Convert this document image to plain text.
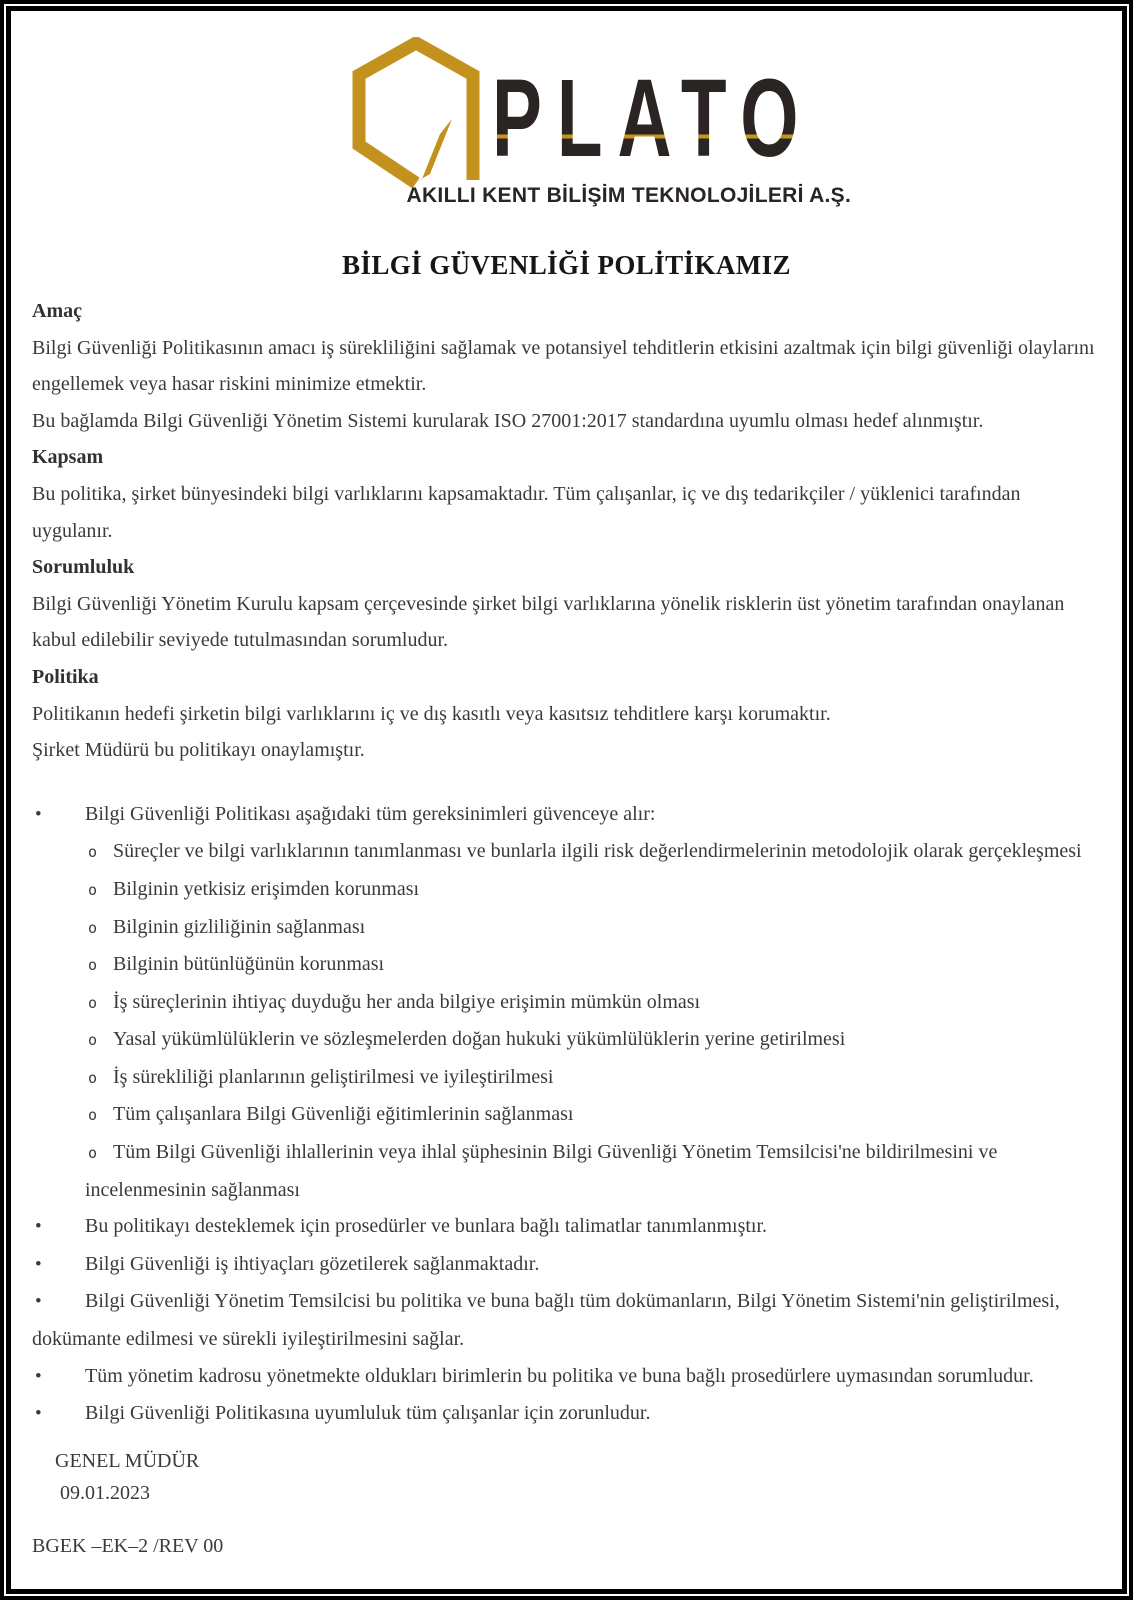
PLATO
AKILLI KENT BİLİŞİM TEKNOLOJİLERİ A.Ş.
BİLGİ GÜVENLİĞİ POLİTİKAMIZ
Amaç

Bilgi Güvenliği Politikasının amacı iş sürekliliğini sağlamak ve potansiyel tehditlerin etkisini azaltmak için bilgi güvenliği olaylarını engellemek veya hasar riskini minimize etmektir.

Bu bağlamda Bilgi Güvenliği Yönetim Sistemi kurularak ISO 27001:2017 standardına uyumlu olması hedef alınmıştır.

Kapsam

Bu politika, şirket bünyesindeki bilgi varlıklarını kapsamaktadır. Tüm çalışanlar, iç ve dış tedarikçiler / yüklenici tarafından uygulanır.

Sorumluluk

Bilgi Güvenliği Yönetim Kurulu kapsam çerçevesinde şirket bilgi varlıklarına yönelik risklerin üst yönetim tarafından onaylanan kabul edilebilir seviyede tutulmasından sorumludur.

Politika

Politikanın hedefi şirketin bilgi varlıklarını iç ve dış kasıtlı veya kasıtsız tehditlere karşı korumaktır.

Şirket Müdürü bu politikayı onaylamıştır.

• Bilgi Güvenliği Politikası aşağıdaki tüm gereksinimleri güvenceye alır:
o Süreçler ve bilgi varlıklarının tanımlanması ve bunlarla ilgili risk değerlendirmelerinin metodolojik olarak gerçekleşmesi
o Bilginin yetkisiz erişimden korunması
o Bilginin gizliliğinin sağlanması
o Bilginin bütünlüğünün korunması
o İş süreçlerinin ihtiyaç duyduğu her anda bilgiye erişimin mümkün olması
o Yasal yükümlülüklerin ve sözleşmelerden doğan hukuki yükümlülüklerin yerine getirilmesi
o İş sürekliliği planlarının geliştirilmesi ve iyileştirilmesi
o Tüm çalışanlara Bilgi Güvenliği eğitimlerinin sağlanması
o Tüm Bilgi Güvenliği ihlallerinin veya ihlal şüphesinin Bilgi Güvenliği Yönetim Temsilcisi'ne bildirilmesini ve incelenmesinin sağlanması
• Bu politikayı desteklemek için prosedürler ve bunlara bağlı talimatlar tanımlanmıştır.
• Bilgi Güvenliği iş ihtiyaçları gözetilerek sağlanmaktadır.
• Bilgi Güvenliği Yönetim Temsilcisi bu politika ve buna bağlı tüm dokümanların, Bilgi Yönetim Sistemi'nin geliştirilmesi, dokümante edilmesi ve sürekli iyileştirilmesini sağlar.
• Tüm yönetim kadrosu yönetmekte oldukları birimlerin bu politika ve buna bağlı prosedürlere uymasından sorumludur.
• Bilgi Güvenliği Politikasına uyumluluk tüm çalışanlar için zorunludur.
GENEL MÜDÜR
09.01.2023
BGEK –EK–2 /REV 00
